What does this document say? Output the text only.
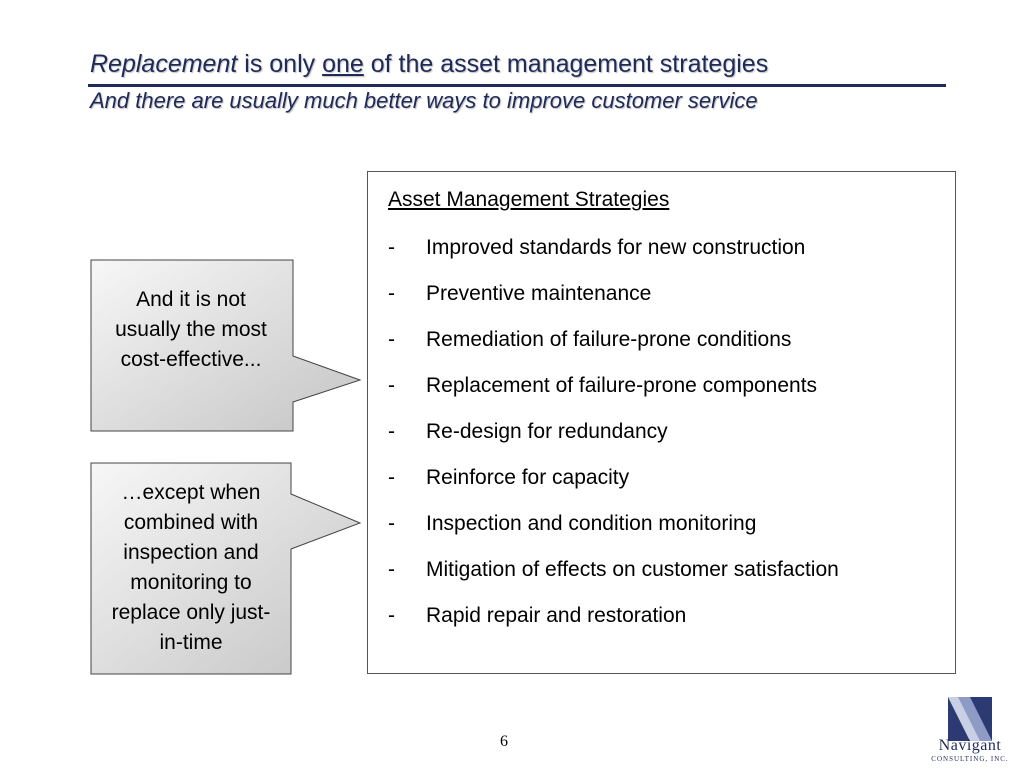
Replacement is only one of the asset management strategies
And there are usually much better ways to improve customer service
And it is not usually the most cost-effective...
…except when combined with inspection and monitoring to replace only just-in-time
Asset Management Strategies
- Improved standards for new construction
- Preventive maintenance
- Remediation of failure-prone conditions
- Replacement of failure-prone components
- Re-design for redundancy
- Reinforce for capacity
- Inspection and condition monitoring
- Mitigation of effects on customer satisfaction
- Rapid repair and restoration
6	Navigant
CONSULTING, INC.
